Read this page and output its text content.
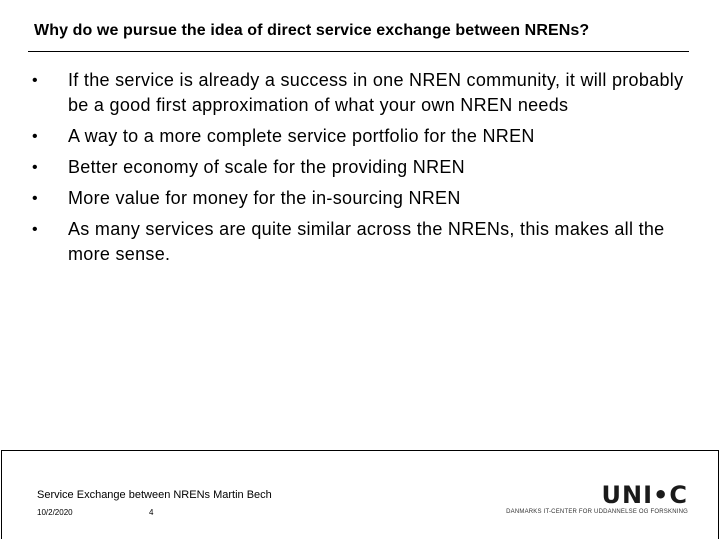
Why do we pursue the idea of direct service exchange between NRENs?
• If the service is already a success in one NREN community, it will probably be a good first approximation of what your own NREN needs
• A way to a more complete service portfolio for the NREN
• Better economy of scale for the providing NREN
• More value for money for the in-sourcing NREN
• As many services are quite similar across the NRENs, this makes all the more sense.
Service Exchange between NRENs Martin Bech
10/2/2020	4
UNI•C
DANMARKS IT-CENTER FOR UDDANNELSE OG FORSKNING
